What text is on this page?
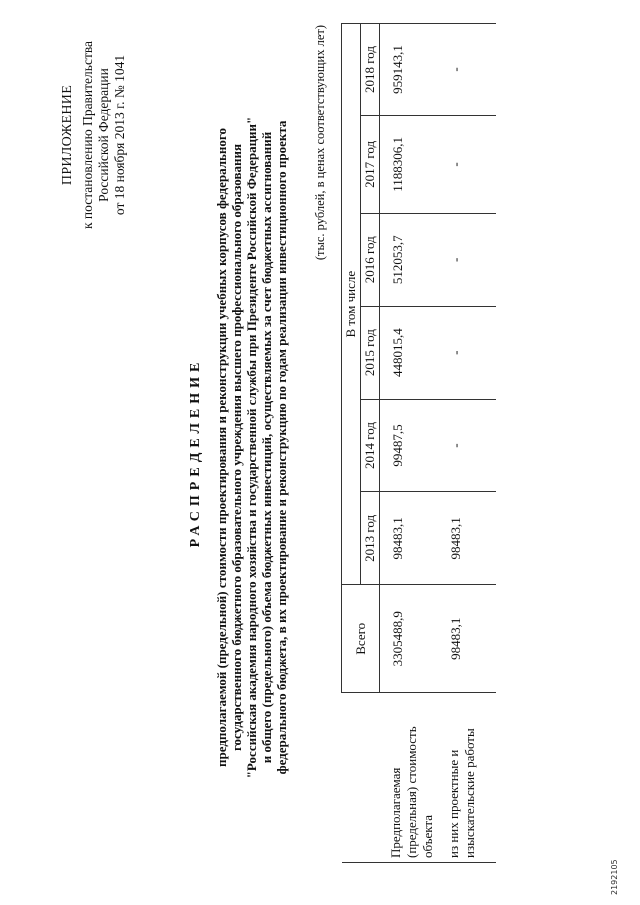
ПРИЛОЖЕНИЕ к постановлению Правительства Российской Федерации от 18 ноября 2013 г. № 1041
РАСПРЕДЕЛЕНИЕ предполагаемой (предельной) стоимости проектирования и реконструкции учебных корпусов федерального государственного бюджетного образовательного учреждения высшего профессионального образования "Российская академия народного хозяйства и государственной службы при Президенте Российской Федерации" и общего (предельного) объема бюджетных инвестиций, осуществляемых за счет бюджетных ассигнований федерального бюджета, в их проектирование и реконструкцию по годам реализации инвестиционного проекта (тыс. рублей, в ценах соответствующих лет)
	Всего	В том числе					
		2013 год	2014 год	2015 год	2016 год	2017 год	2018 год
Предполагаемая (предельная) стоимость объекта	3305488,9	98483,1	99487,5	448015,4	512053,7	1188306,1	959143,1
из них проектные и изыскательские работы	98483,1	98483,1	-	-	-	-	-
2192105
